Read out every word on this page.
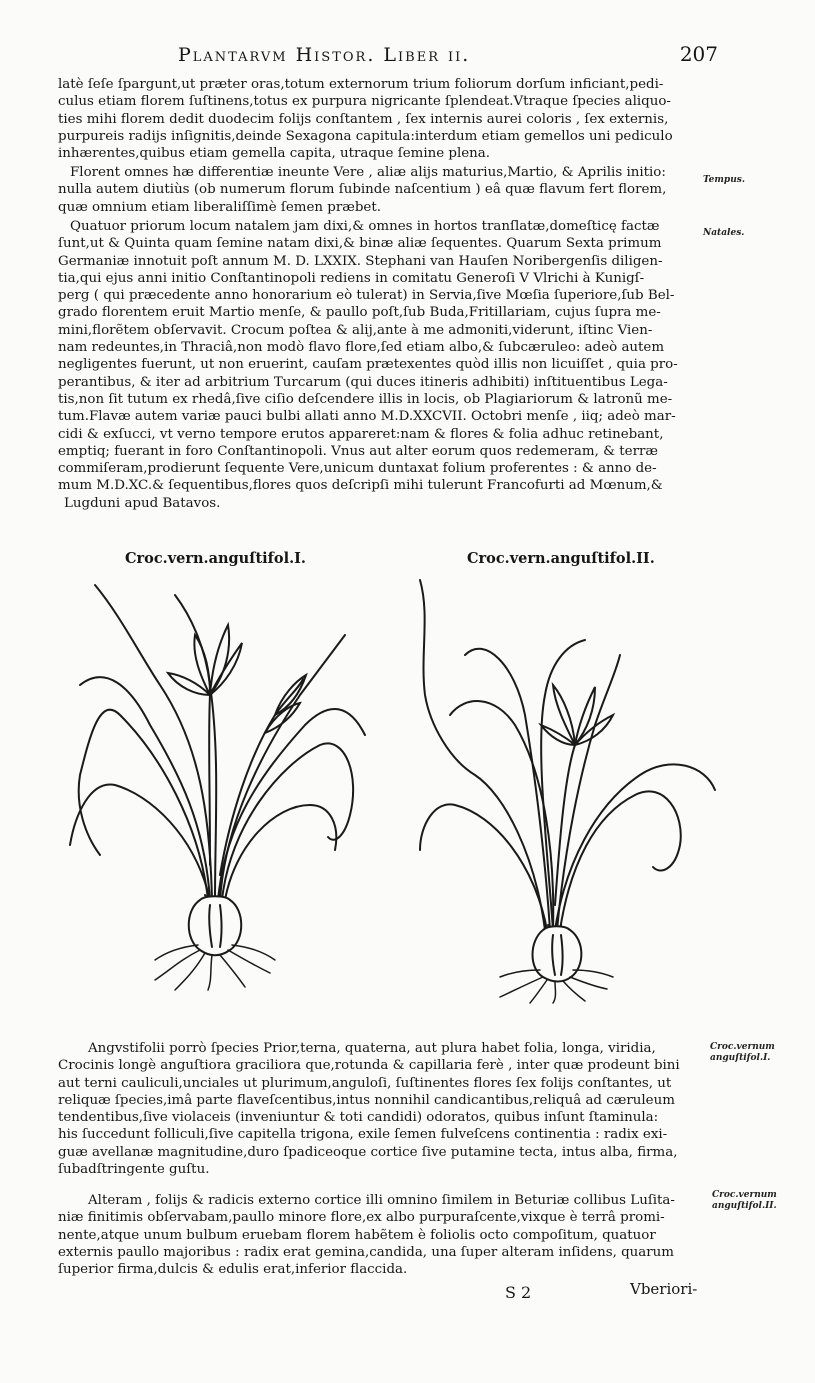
Plantarvm Histor. Liber ii.	207
latè ſeſe ſpargunt,ut præter oras,totum externorum trium foliorum dorſum inficiant,pedi-
culus etiam florem ſuſtinens,totus ex purpura nigricante ſplendeat.Vtraque ſpecies aliquo-
ties mihi florem dedit duodecim folijs conſtantem , ſex internis aurei coloris , ſex externis,
purpureis radijs inſignitis,deinde Sexagona capitula:interdum etiam gemellos uni pediculo
inhærentes,quibus etiam gemella capita, utraque ſemine plena.
Florent omnes hæ differentiæ ineunte Vere , aliæ alijs maturius,Martio, & Aprilis initio:
nulla autem diutiùs (ob numerum florum ſubinde naſcentium ) eâ quæ flavum fert florem,
quæ omnium etiam liberaliſſimè ſemen præbet.
Quatuor priorum locum natalem jam dixi,& omnes in hortos tranſlatæ,domeſticę factæ
ſunt,ut & Quinta quam ſemine natam dixi,& binæ aliæ ſequentes. Quarum Sexta primum
Germaniæ innotuit poſt annum M. D. LXXIX. Stephani van Hauſen Noribergenſis diligen-
tia,qui ejus anni initio Conſtantinopoli rediens in comitatu Generoſi V Vlrichi à Kunigſ-
perg ( qui præcedente anno honorarium eò tulerat) in Servia,ſive Mœſia ſuperiore,ſub Bel-
grado florentem eruit Martio menſe, & paullo poſt,ſub Buda,Fritillariam, cujus ſupra me-
mini,florẽtem obſervavit. Crocum poſtea & alij,ante à me admoniti,viderunt, iſtinc Vien-
nam redeuntes,in Thraciâ,non modò flavo flore,ſed etiam albo,& ſubcæruleo: adeò autem
negligentes fuerunt, ut non eruerint, cauſam prætexentes quòd illis non licuiſſet , quia pro-
perantibus, & iter ad arbitrium Turcarum (qui duces itineris adhibiti) inſtituentibus Lega-
tis,non ſit tutum ex rhedâ,ſive ciſio deſcendere illis in locis, ob Plagiariorum & latronũ me-
tum.Flavæ autem variæ pauci bulbi allati anno M.D.XXCVII. Octobri menſe , iiq; adeò mar-
cidi & exſucci, vt verno tempore erutos appareret:nam & flores & folia adhuc retinebant,
emptiq; fuerant in foro Conſtantinopoli. Vnus aut alter eorum quos redemeram, & terræ
commiſeram,prodierunt ſequente Vere,unicum duntaxat folium proferentes : & anno de-
mum M.D.XC.& ſequentibus,flores quos deſcripſi mihi tulerunt Francofurti ad Mœnum,&
Lugduni apud Batavos.
Tempus.
Natales.
Croc.vern.anguſtifol.I.	Croc.vern.anguſtifol.II.
Angvstifolii porrò ſpecies Prior,terna, quaterna, aut plura habet folia, longa, viridia,
Crocinis longè anguſtiora graciliora que,rotunda & capillaria ferè , inter quæ prodeunt bini
aut terni cauliculi,unciales ut plurimum,anguloſi, ſuſtinentes flores ſex folijs conſtantes, ut
reliquæ ſpecies,imâ parte flaveſcentibus,intus nonnihil candicantibus,reliquâ ad cæruleum
tendentibus,ſive violaceis (inveniuntur & toti candidi) odoratos, quibus inſunt ſtaminula:
his ſuccedunt folliculi,ſive capitella trigona, exile ſemen fulveſcens continentia : radix exi-
guæ avellanæ magnitudine,duro ſpadiceoque cortice ſive putamine tecta, intus alba, firma,
ſubadſtringente guſtu.
Alteram , folijs & radicis externo cortice illi omnino ſimilem in Beturiæ collibus Luſita-
niæ finitimis obſervabam,paullo minore flore,ex albo purpuraſcente,vixque è terrâ promi-
nente,atque unum bulbum eruebam florem habẽtem è foliolis octo compoſitum, quatuor
externis paullo majoribus : radix erat gemina,candida, una ſuper alteram inſidens, quarum
ſuperior firma,dulcis & edulis erat,inferior flaccida.
Croc.vernum
anguſtifol.I.
Croc.vernum
anguſtifol.II.
S 2	Vberiori-
